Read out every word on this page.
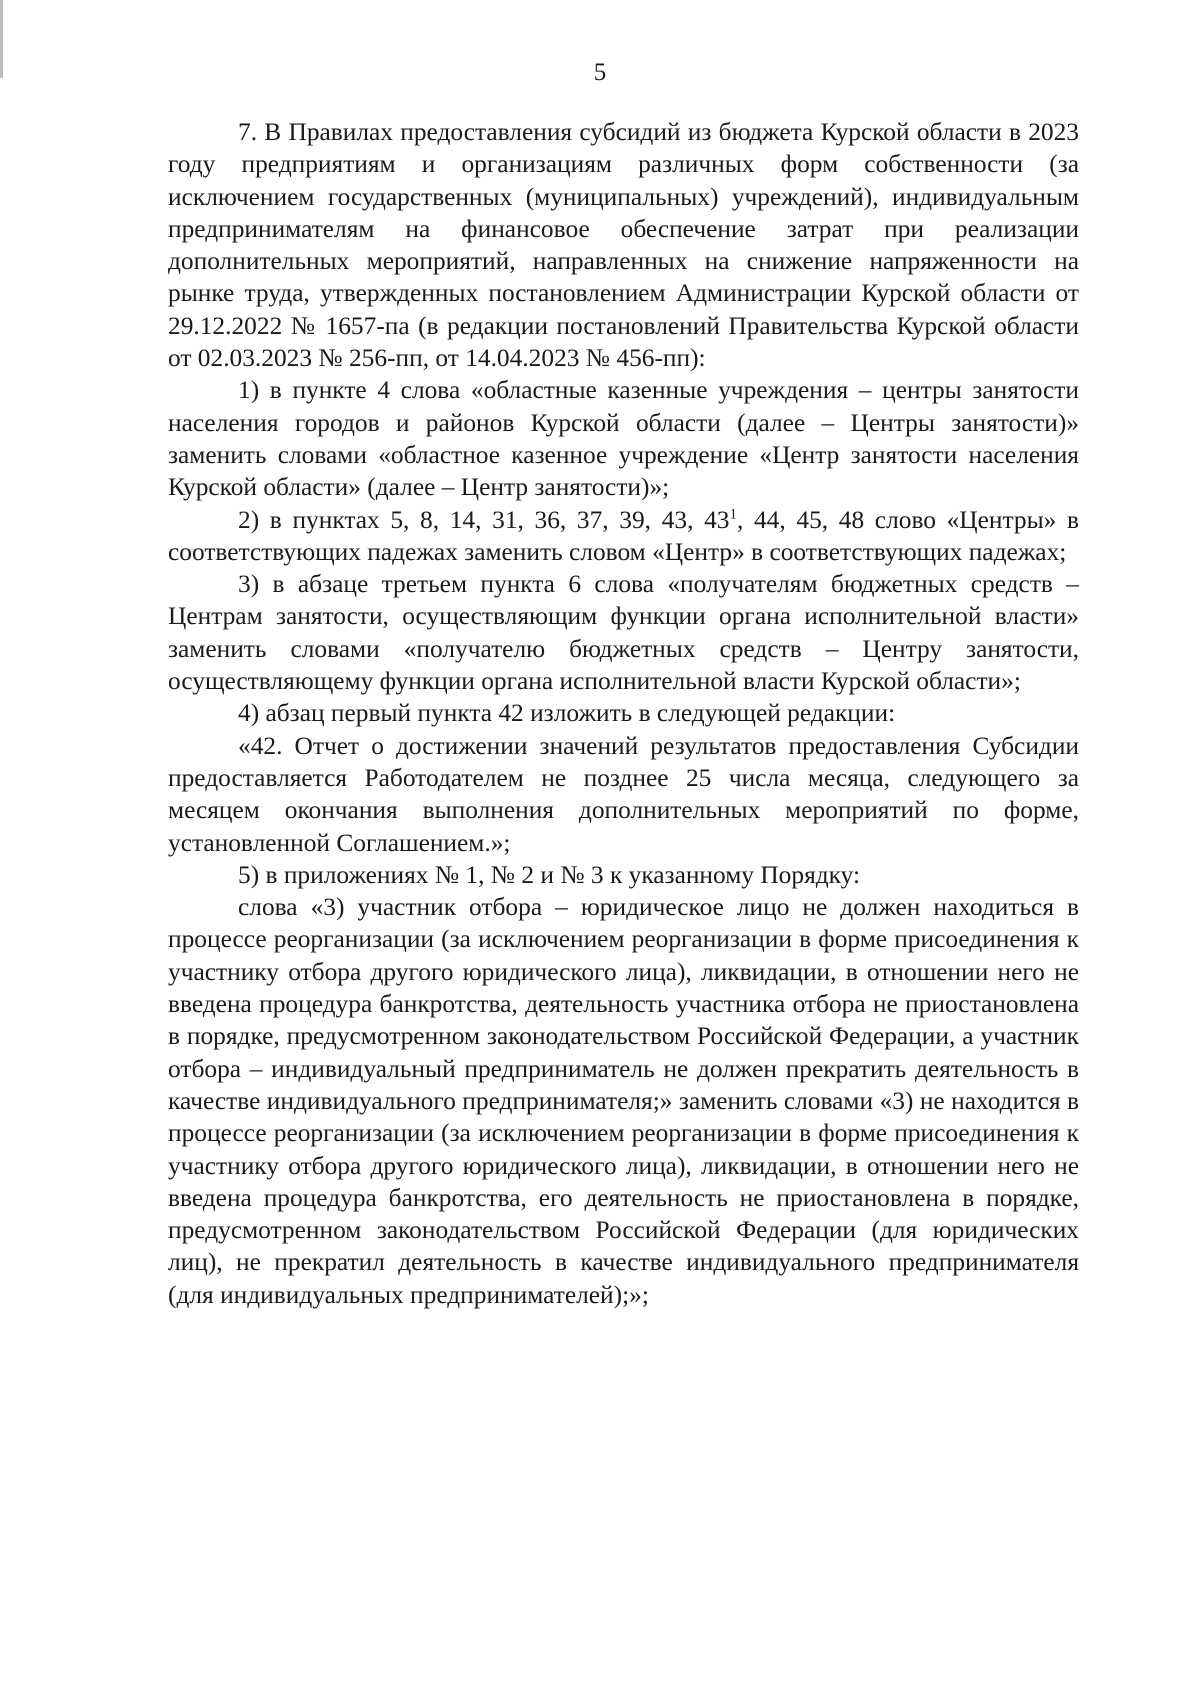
5

7. В Правилах предоставления субсидий из бюджета Курской области в 2023 году предприятиям и организациям различных форм собственности (за исключением государственных (муниципальных) учреждений), индивидуальным предпринимателям на финансовое обеспечение затрат при реализации дополнительных мероприятий, направленных на снижение напряженности на рынке труда, утвержденных постановлением Администрации Курской области от 29.12.2022 № 1657-па (в редакции постановлений Правительства Курской области от 02.03.2023 № 256-пп, от 14.04.2023 № 456-пп):

1) в пункте 4 слова «областные казенные учреждения – центры занятости населения городов и районов Курской области (далее – Центры занятости)» заменить словами «областное казенное учреждение «Центр занятости населения Курской области» (далее – Центр занятости)»;

2) в пунктах 5, 8, 14, 31, 36, 37, 39, 43, $43^1$, 44, 45, 48 слово «Центры» в соответствующих падежах заменить словом «Центр» в соответствующих падежах;

3) в абзаце третьем пункта 6 слова «получателям бюджетных средств – Центрам занятости, осуществляющим функции органа исполнительной власти» заменить словами «получателю бюджетных средств – Центру занятости, осуществляющему функции органа исполнительной власти Курской области»;

4) абзац первый пункта 42 изложить в следующей редакции:

«42. Отчет о достижении значений результатов предоставления Субсидии предоставляется Работодателем не позднее 25 числа месяца, следующего за месяцем окончания выполнения дополнительных мероприятий по форме, установленной Соглашением.»;

5) в приложениях № 1, № 2 и № 3 к указанному Порядку:

слова «3) участник отбора – юридическое лицо не должен находиться в процессе реорганизации (за исключением реорганизации в форме присоединения к участнику отбора другого юридического лица), ликвидации, в отношении него не введена процедура банкротства, деятельность участника отбора не приостановлена в порядке, предусмотренном законодательством Российской Федерации, а участник отбора – индивидуальный предприниматель не должен прекратить деятельность в качестве индивидуального предпринимателя;» заменить словами «3) не находится в процессе реорганизации (за исключением реорганизации в форме присоединения к участнику отбора другого юридического лица), ликвидации, в отношении него не введена процедура банкротства, его деятельность не приостановлена в порядке, предусмотренном законодательством Российской Федерации (для юридических лиц), не прекратил деятельность в качестве индивидуального предпринимателя (для индивидуальных предпринимателей);»;
